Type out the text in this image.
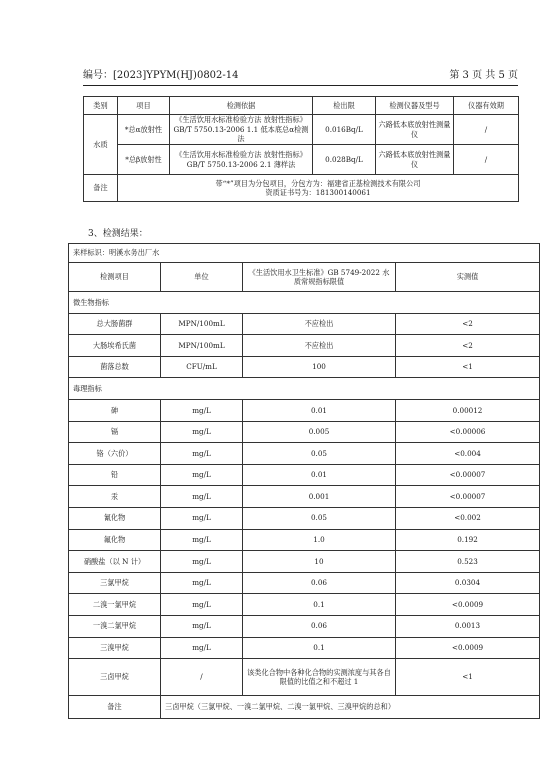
编号：[2023]YPYM(HJ)0802-14	第 3 页 共 5 页
类别	项目	检测依据	检出限	检测仪器及型号	仪器有效期
水质	*总α放射性	《生活饮用水标准检验方法 放射性指标》GB/T 5750.13-2006 1.1 低本底总α检测法	0.016Bq/L	六路低本底放射性测量仪	/
	*总β放射性	《生活饮用水标准检验方法 放射性指标》GB/T 5750.13-2006 2.1 薄样法	0.028Bq/L	六路低本底放射性测量仪	/
备注	带“*”项目为分包项目，分包方为：福建省正基检测技术有限公司
资质证书号为：181300140061				
3、检测结果：
来样标识：明溪水务出厂水			
检测项目	单位	《生活饮用水卫生标准》GB 5749-2022 水质常规指标限值	实测值
微生物指标			
总大肠菌群	MPN/100mL	不应检出	<2
大肠埃希氏菌	MPN/100mL	不应检出	<2
菌落总数	CFU/mL	100	<1
毒理指标			
砷	mg/L	0.01	0.00012
镉	mg/L	0.005	<0.00006
铬（六价）	mg/L	0.05	<0.004
铅	mg/L	0.01	<0.00007
汞	mg/L	0.001	<0.00007
氰化物	mg/L	0.05	<0.002
氟化物	mg/L	1.0	0.192
硝酸盐（以 N 计）	mg/L	10	0.523
三氯甲烷	mg/L	0.06	0.0304
二溴一氯甲烷	mg/L	0.1	<0.0009
一溴二氯甲烷	mg/L	0.06	0.0013
三溴甲烷	mg/L	0.1	<0.0009
三卤甲烷	/	该类化合物中各种化合物的实测浓度与其各自限值的比值之和不超过 1	<1
备注	三卤甲烷（三氯甲烷、一溴二氯甲烷、二溴一氯甲烷、三溴甲烷的总和）		
